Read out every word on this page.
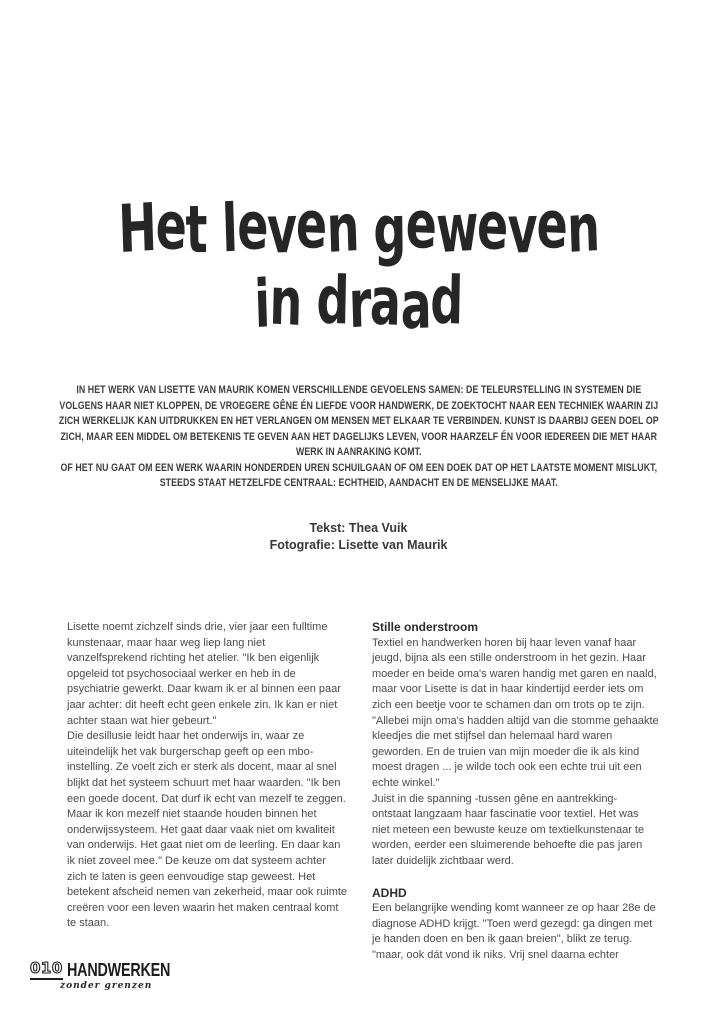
Het leven geweven
in draad
IN HET WERK VAN LISETTE VAN MAURIK KOMEN VERSCHILLENDE GEVOELENS SAMEN: DE TELEURSTELLING IN SYSTEMEN DIE VOLGENS HAAR NIET KLOPPEN, DE VROEGERE GÊNE ÉN LIEFDE VOOR HANDWERK, DE ZOEKTOCHT NAAR EEN TECHNIEK WAARIN ZIJ ZICH WERKELIJK KAN UITDRUKKEN EN HET VERLANGEN OM MENSEN MET ELKAAR TE VERBINDEN. KUNST IS DAARBIJ GEEN DOEL OP ZICH, MAAR EEN MIDDEL OM BETEKENIS TE GEVEN AAN HET DAGELIJKS LEVEN, VOOR HAARZELF ÉN VOOR IEDEREEN DIE MET HAAR WERK IN AANRAKING KOMT.
OF HET NU GAAT OM EEN WERK WAARIN HONDERDEN UREN SCHUILGAAN OF OM EEN DOEK DAT OP HET LAATSTE MOMENT MISLUKT, STEEDS STAAT HETZELFDE CENTRAAL: ECHTHEID, AANDACHT EN DE MENSELIJKE MAAT.
Tekst: Thea Vuik
Fotografie: Lisette van Maurik

Lisette noemt zichzelf sinds drie, vier jaar een fulltime kunstenaar, maar haar weg liep lang niet vanzelfsprekend richting het atelier. "Ik ben eigenlijk opgeleid tot psychosociaal werker en heb in de psychiatrie gewerkt. Daar kwam ik er al binnen een paar jaar achter: dit heeft echt geen enkele zin. Ik kan er niet achter staan wat hier gebeurt."

Die desillusie leidt haar het onderwijs in, waar ze uiteindelijk het vak burgerschap geeft op een mbo-instelling. Ze voelt zich er sterk als docent, maar al snel blijkt dat het systeem schuurt met haar waarden. "Ik ben een goede docent. Dat durf ik echt van mezelf te zeggen. Maar ik kon mezelf niet staande houden binnen het onderwijssysteem. Het gaat daar vaak niet om kwaliteit van onderwijs. Het gaat niet om de leerling. En daar kan ik niet zoveel mee." De keuze om dat systeem achter zich te laten is geen eenvoudige stap geweest. Het betekent afscheid nemen van zekerheid, maar ook ruimte creëren voor een leven waarin het maken centraal komt te staan.

Stille onderstroom

Textiel en handwerken horen bij haar leven vanaf haar jeugd, bijna als een stille onderstroom in het gezin. Haar moeder en beide oma's waren handig met garen en naald, maar voor Lisette is dat in haar kindertijd eerder iets om zich een beetje voor te schamen dan om trots op te zijn. "Allebei mijn oma's hadden altijd van die stomme gehaakte kleedjes die met stijfsel dan helemaal hard waren geworden. En de truien van mijn moeder die ik als kind moest dragen ... je wilde toch ook een echte trui uit een echte winkel."

Juist in die spanning -tussen gêne en aantrekking- ontstaat langzaam haar fascinatie voor textiel. Het was niet meteen een bewuste keuze om textielkunstenaar te worden, eerder een sluimerende behoefte die pas jaren later duidelijk zichtbaar werd.

ADHD

Een belangrijke wending komt wanneer ze op haar 28e de diagnose ADHD krijgt. "Toen werd gezegd: ga dingen met je handen doen en ben ik gaan breien", blikt ze terug. "maar, ook dát vond ik niks. Vrij snel daarna echter

010 HANDWERKEN
zonder grenzen
